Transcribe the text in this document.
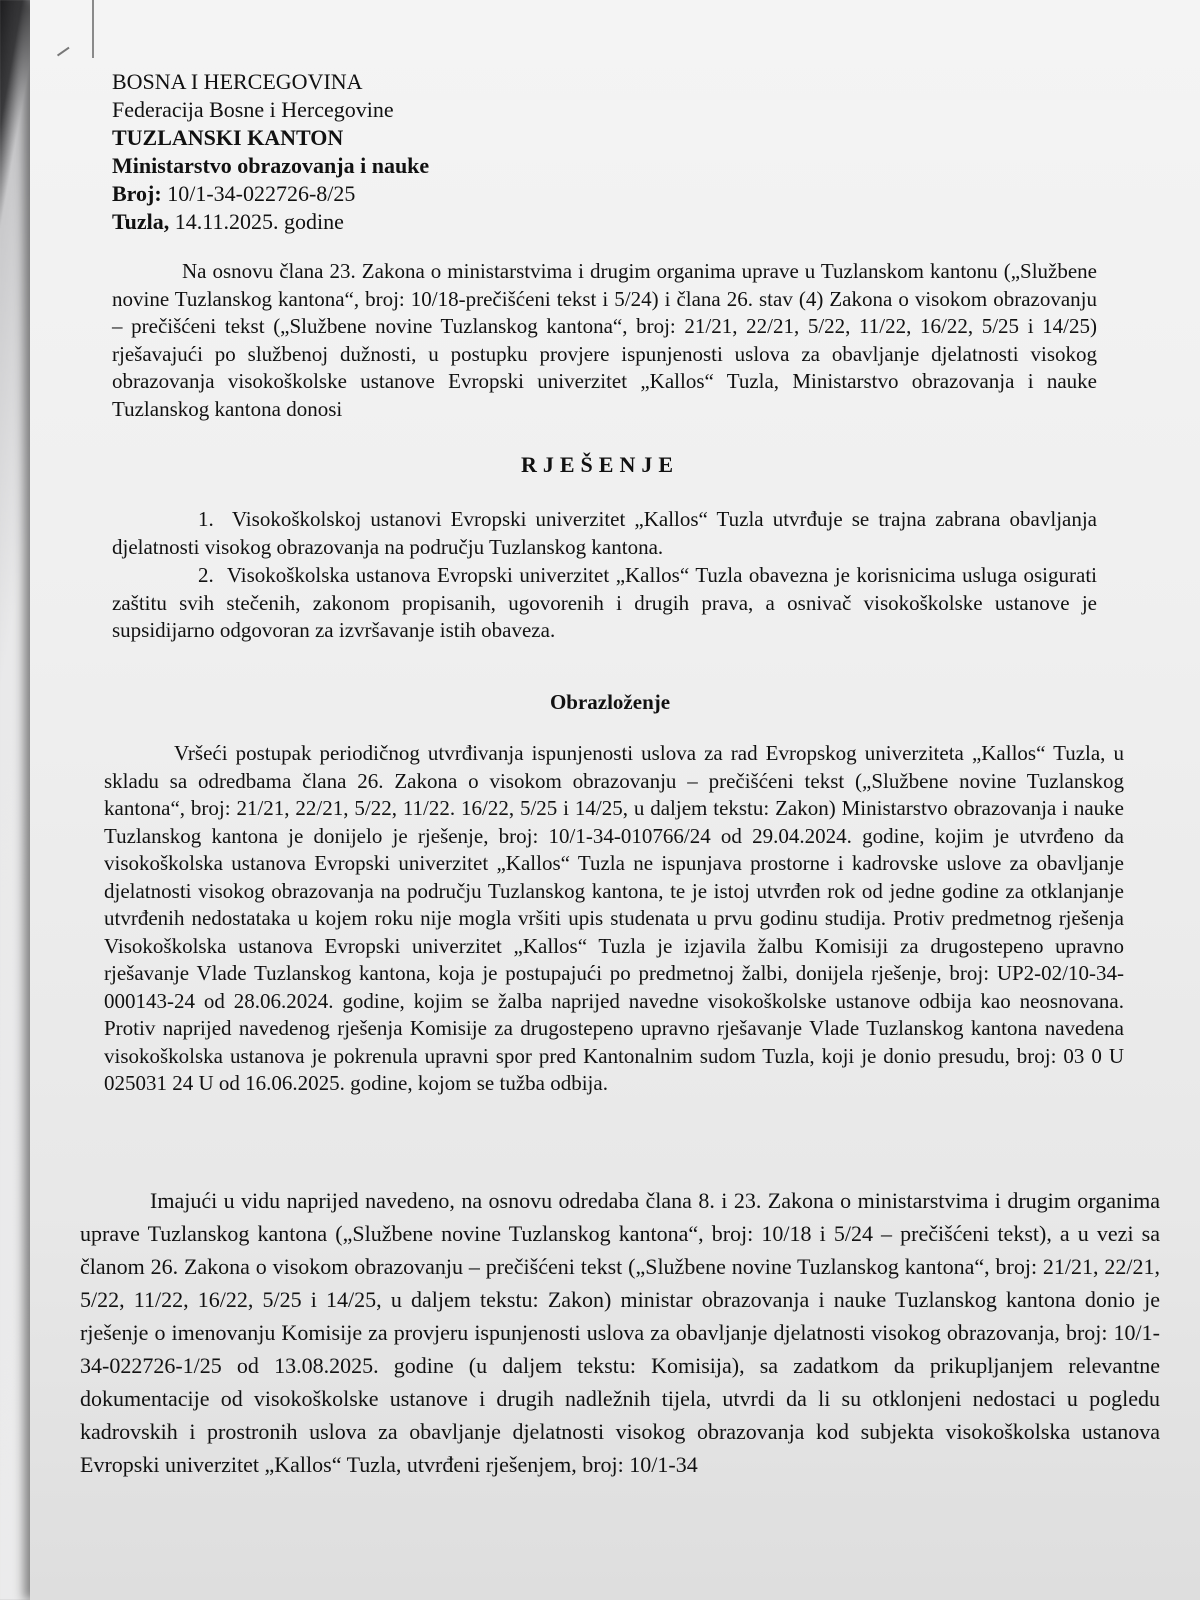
BOSNA I HERCEGOVINA
Federacija Bosne i Hercegovine
TUZLANSKI KANTON
Ministarstvo obrazovanja i nauke
Broj: 10/1-34-022726-8/25
Tuzla, 14.11.2025. godine
Na osnovu člana 23. Zakona o ministarstvima i drugim organima uprave u Tuzlanskom kantonu („Službene novine Tuzlanskog kantona“, broj: 10/18-prečišćeni tekst i 5/24) i člana 26. stav (4) Zakona o visokom obrazovanju – prečišćeni tekst („Službene novine Tuzlanskog kantona“, broj: 21/21, 22/21, 5/22, 11/22, 16/22, 5/25 i 14/25) rješavajući po službenoj dužnosti, u postupku provjere ispunjenosti uslova za obavljanje djelatnosti visokog obrazovanja visokoškolske ustanove Evropski univerzitet „Kallos“ Tuzla, Ministarstvo obrazovanja i nauke Tuzlanskog kantona donosi
RJEŠENJE
1. Visokoškolskoj ustanovi Evropski univerzitet „Kallos“ Tuzla utvrđuje se trajna zabrana obavljanja djelatnosti visokog obrazovanja na području Tuzlanskog kantona.
2. Visokoškolska ustanova Evropski univerzitet „Kallos“ Tuzla obavezna je korisnicima usluga osigurati zaštitu svih stečenih, zakonom propisanih, ugovorenih i drugih prava, a osnivač visokoškolske ustanove je supsidijarno odgovoran za izvršavanje istih obaveza.
Obrazloženje
Vršeći postupak periodičnog utvrđivanja ispunjenosti uslova za rad Evropskog univerziteta „Kallos“ Tuzla, u skladu sa odredbama člana 26. Zakona o visokom obrazovanju – prečišćeni tekst („Službene novine Tuzlanskog kantona“, broj: 21/21, 22/21, 5/22, 11/22. 16/22, 5/25 i 14/25, u daljem tekstu: Zakon) Ministarstvo obrazovanja i nauke Tuzlanskog kantona je donijelo je rješenje, broj: 10/1-34-010766/24 od 29.04.2024. godine, kojim je utvrđeno da visokoškolska ustanova Evropski univerzitet „Kallos“ Tuzla ne ispunjava prostorne i kadrovske uslove za obavljanje djelatnosti visokog obrazovanja na području Tuzlanskog kantona, te je istoj utvrđen rok od jedne godine za otklanjanje utvrđenih nedostataka u kojem roku nije mogla vršiti upis studenata u prvu godinu studija. Protiv predmetnog rješenja Visokoškolska ustanova Evropski univerzitet „Kallos“ Tuzla je izjavila žalbu Komisiji za drugostepeno upravno rješavanje Vlade Tuzlanskog kantona, koja je postupajući po predmetnoj žalbi, donijela rješenje, broj: UP2-02/10-34-000143-24 od 28.06.2024. godine, kojim se žalba naprijed navedne visokoškolske ustanove odbija kao neosnovana. Protiv naprijed navedenog rješenja Komisije za drugostepeno upravno rješavanje Vlade Tuzlanskog kantona navedena visokoškolska ustanova je pokrenula upravni spor pred Kantonalnim sudom Tuzla, koji je donio presudu, broj: 03 0 U 025031 24 U od 16.06.2025. godine, kojom se tužba odbija.
Imajući u vidu naprijed navedeno, na osnovu odredaba člana 8. i 23. Zakona o ministarstvima i drugim organima uprave Tuzlanskog kantona („Službene novine Tuzlanskog kantona“, broj: 10/18 i 5/24 – prečišćeni tekst), a u vezi sa članom 26. Zakona o visokom obrazovanju – prečišćeni tekst („Službene novine Tuzlanskog kantona“, broj: 21/21, 22/21, 5/22, 11/22, 16/22, 5/25 i 14/25, u daljem tekstu: Zakon) ministar obrazovanja i nauke Tuzlanskog kantona donio je rješenje o imenovanju Komisije za provjeru ispunjenosti uslova za obavljanje djelatnosti visokog obrazovanja, broj: 10/1-34-022726-1/25 od 13.08.2025. godine (u daljem tekstu: Komisija), sa zadatkom da prikupljanjem relevantne dokumentacije od visokoškolske ustanove i drugih nadležnih tijela, utvrdi da li su otklonjeni nedostaci u pogledu kadrovskih i prostronih uslova za obavljanje djelatnosti visokog obrazovanja kod subjekta visokoškolska ustanova Evropski univerzitet „Kallos“ Tuzla, utvrđeni rješenjem, broj: 10/1-34
